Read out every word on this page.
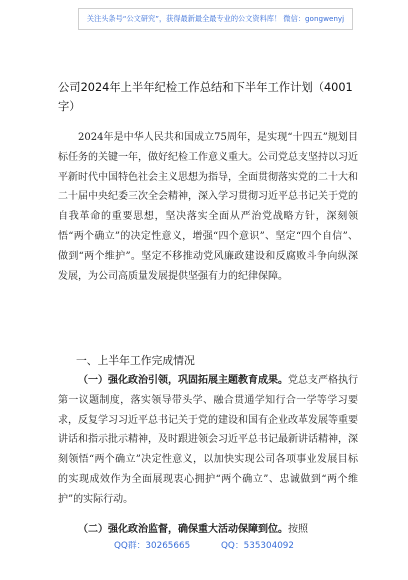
关注头条号“公文研究”，获得最新最全最专业的公文资料库！ 微信：gongwenyj
公司2024年上半年纪检工作总结和下半年工作计划（4001字）

2024年是中华人民共和国成立75周年，是实现“十四五”规划目标任务的关键一年，做好纪检工作意义重大。公司党总支坚持以习近平新时代中国特色社会主义思想为指导，全面贯彻落实党的二十大和二十届中央纪委三次全会精神，深入学习贯彻习近平总书记关于党的自我革命的重要思想，坚决落实全面从严治党战略方针，深刻领悟“两个确立”的决定性意义，增强“四个意识”、坚定“四个自信”、做到“两个维护”。坚定不移推动党风廉政建设和反腐败斗争向纵深发展，为公司高质量发展提供坚强有力的纪律保障。

一、上半年工作完成情况

（一）强化政治引领，巩固拓展主题教育成果。党总支严格执行第一议题制度，落实领导带头学、融合贯通学知行合一学等学习要求，反复学习习近平总书记关于党的建设和国有企业改革发展等重要讲话和指示批示精神，及时跟进领会习近平总书记最新讲话精神，深刻领悟“两个确立”决定性意义，以加快实现公司各项事业发展目标的实现成效作为全面展现衷心拥护“两个确立”、忠诚做到“两个维护”的实际行动。

（二）强化政治监督，确保重大活动保障到位。按照
QQ群：30265665	QQ：535304092
